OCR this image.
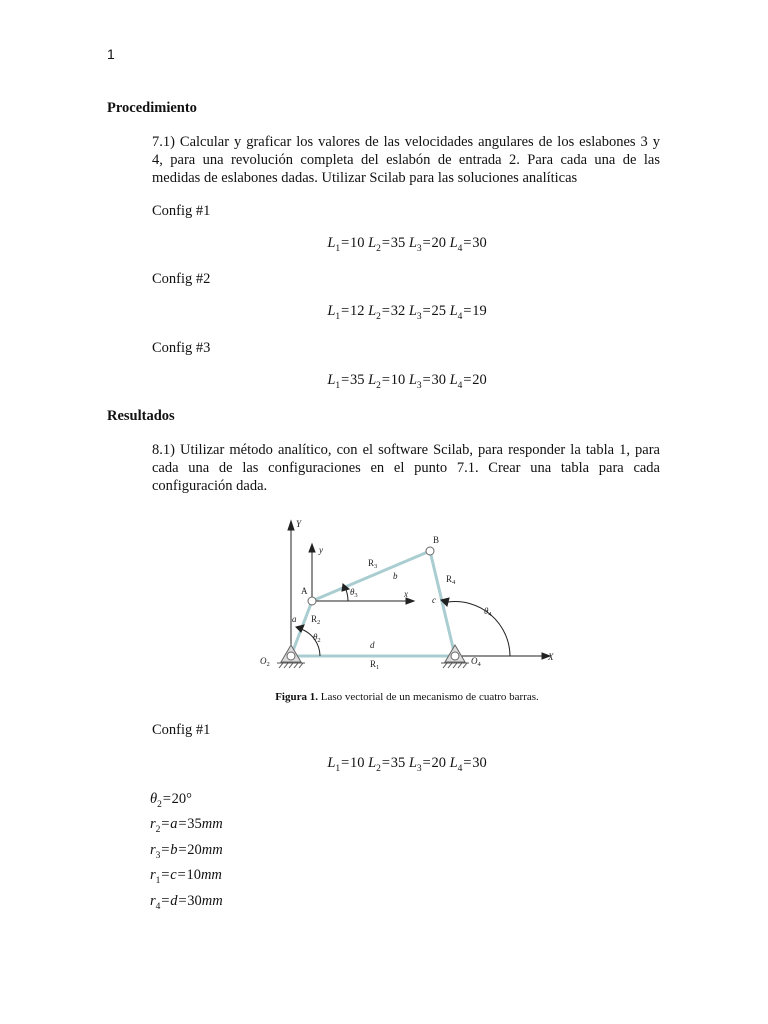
1
Procedimiento
7.1) Calcular y graficar los valores de las velocidades angulares de los eslabones 3 y
4, para una revolución completa del eslabón de entrada 2. Para cada una de las
medidas de eslabones dadas. Utilizar Scilab para las soluciones analíticas
Config #1
$L_1=10$ $L_2=35$ $L_3=20$ $L_4=30$
Config #2
$L_1=12$ $L_2=32$ $L_3=25$ $L_4=19$
Config #3
$L_1=35$ $L_2=10$ $L_3=30$ $L_4=20$
Resultados
8.1) Utilizar método analítico, con el software Scilab, para responder la tabla 1, para
cada una de las configuraciones en el punto 7.1. Crear una tabla para cada
configuración dada.
Y
y
x
X
A
B
$R_1$
$R_2$
$R_3$
$R_4$
a
b
c
d
$\theta_2$
$\theta_3$
$\theta_4$
$O_2$	$O_4$
Figura 1. Laso vectorial de un mecanismo de cuatro barras.
Config #1
$L_1=10$ $L_2=35$ $L_3=20$ $L_4=30$
$\theta_2=20^\circ$
$r_2=a=35mm$
$r_3=b=20mm$
$r_1=c=10mm$
$r_4=d=30mm$
